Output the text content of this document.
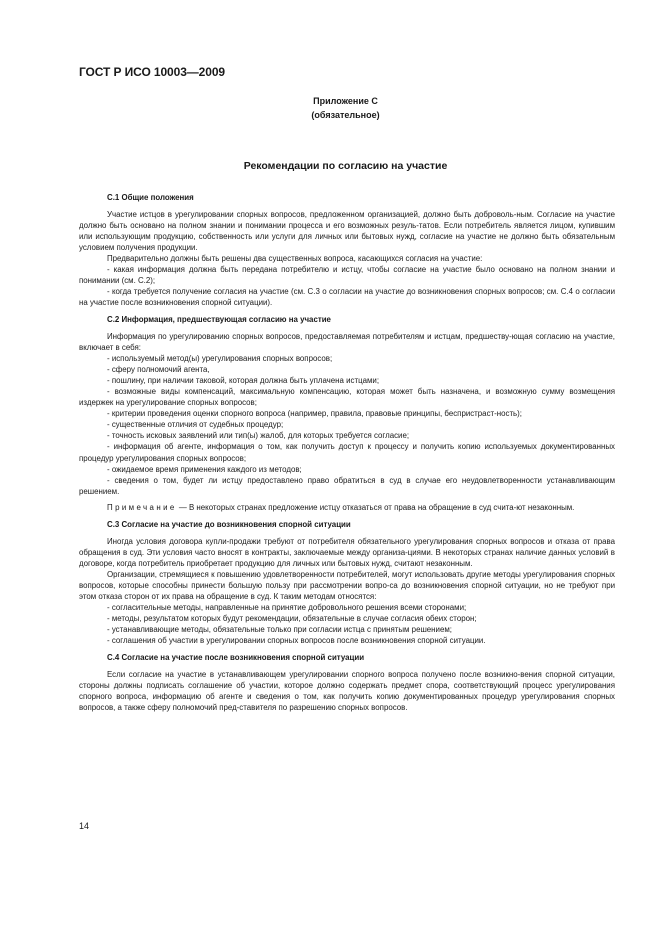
ГОСТ Р ИСО 10003—2009
Приложение С
(обязательное)
Рекомендации по согласию на участие

С.1 Общие положения

Участие истцов в урегулировании спорных вопросов, предложенном организацией, должно быть доброволь-ным. Согласие на участие должно быть основано на полном знании и понимании процесса и его возможных резуль-татов. Если потребитель является лицом, купившим или использующим продукцию, собственность или услуги для личных или бытовых нужд, согласие на участие не должно быть обязательным условием получения продукции.

Предварительно должны быть решены два существенных вопроса, касающихся согласия на участие:

- какая информация должна быть передана потребителю и истцу, чтобы согласие на участие было основано на полном знании и понимании (см. С.2);

- когда требуется получение согласия на участие (см. С.3 о согласии на участие до возникновения спорных вопросов; см. С.4 о согласии на участие после возникновения спорной ситуации).

С.2 Информация, предшествующая согласию на участие

Информация по урегулированию спорных вопросов, предоставляемая потребителям и истцам, предшеству-ющая согласию на участие, включает в себя:

- используемый метод(ы) урегулирования спорных вопросов;

- сферу полномочий агента,

- пошлину, при наличии таковой, которая должна быть уплачена истцами;

- возможные виды компенсаций, максимальную компенсацию, которая может быть назначена, и возможную сумму возмещения издержек на урегулирование спорных вопросов;

- критерии проведения оценки спорного вопроса (например, правила, правовые принципы, беспристраст-ность);

- существенные отличия от судебных процедур;

- точность исковых заявлений или тип(ы) жалоб, для которых требуется согласие;

- информация об агенте, информация о том, как получить доступ к процессу и получить копию используемых документированных процедур урегулирования спорных вопросов;

- ожидаемое время применения каждого из методов;

- сведения о том, будет ли истцу предоставлено право обратиться в суд в случае его неудовлетворенности устанавливающим решением.

Примечание — В некоторых странах предложение истцу отказаться от права на обращение в суд счита-ют незаконным.

С.3 Согласие на участие до возникновения спорной ситуации

Иногда условия договора купли-продажи требуют от потребителя обязательного урегулирования спорных вопросов и отказа от права обращения в суд. Эти условия часто вносят в контракты, заключаемые между организа-циями. В некоторых странах наличие данных условий в договоре, когда потребитель приобретает продукцию для личных или бытовых нужд, считают незаконным.

Организации, стремящиеся к повышению удовлетворенности потребителей, могут использовать другие методы урегулирования спорных вопросов, которые способны принести большую пользу при рассмотрении вопро-са до возникновения спорной ситуации, но не требуют при этом отказа сторон от их права на обращение в суд. К таким методам относятся:

- согласительные методы, направленные на принятие добровольного решения всеми сторонами;

- методы, результатом которых будут рекомендации, обязательные в случае согласия обеих сторон;

- устанавливающие методы, обязательные только при согласии истца с принятым решением;

- соглашения об участии в урегулировании спорных вопросов после возникновения спорной ситуации.

С.4 Согласие на участие после возникновения спорной ситуации

Если согласие на участие в устанавливающем урегулировании спорного вопроса получено после возникно-вения спорной ситуации, стороны должны подписать соглашение об участии, которое должно содержать предмет спора, соответствующий процесс урегулирования спорного вопроса, информацию об агенте и сведения о том, как получить копию документированных процедур урегулирования спорных вопросов, а также сферу полномочий пред-ставителя по разрешению спорных вопросов.

14
